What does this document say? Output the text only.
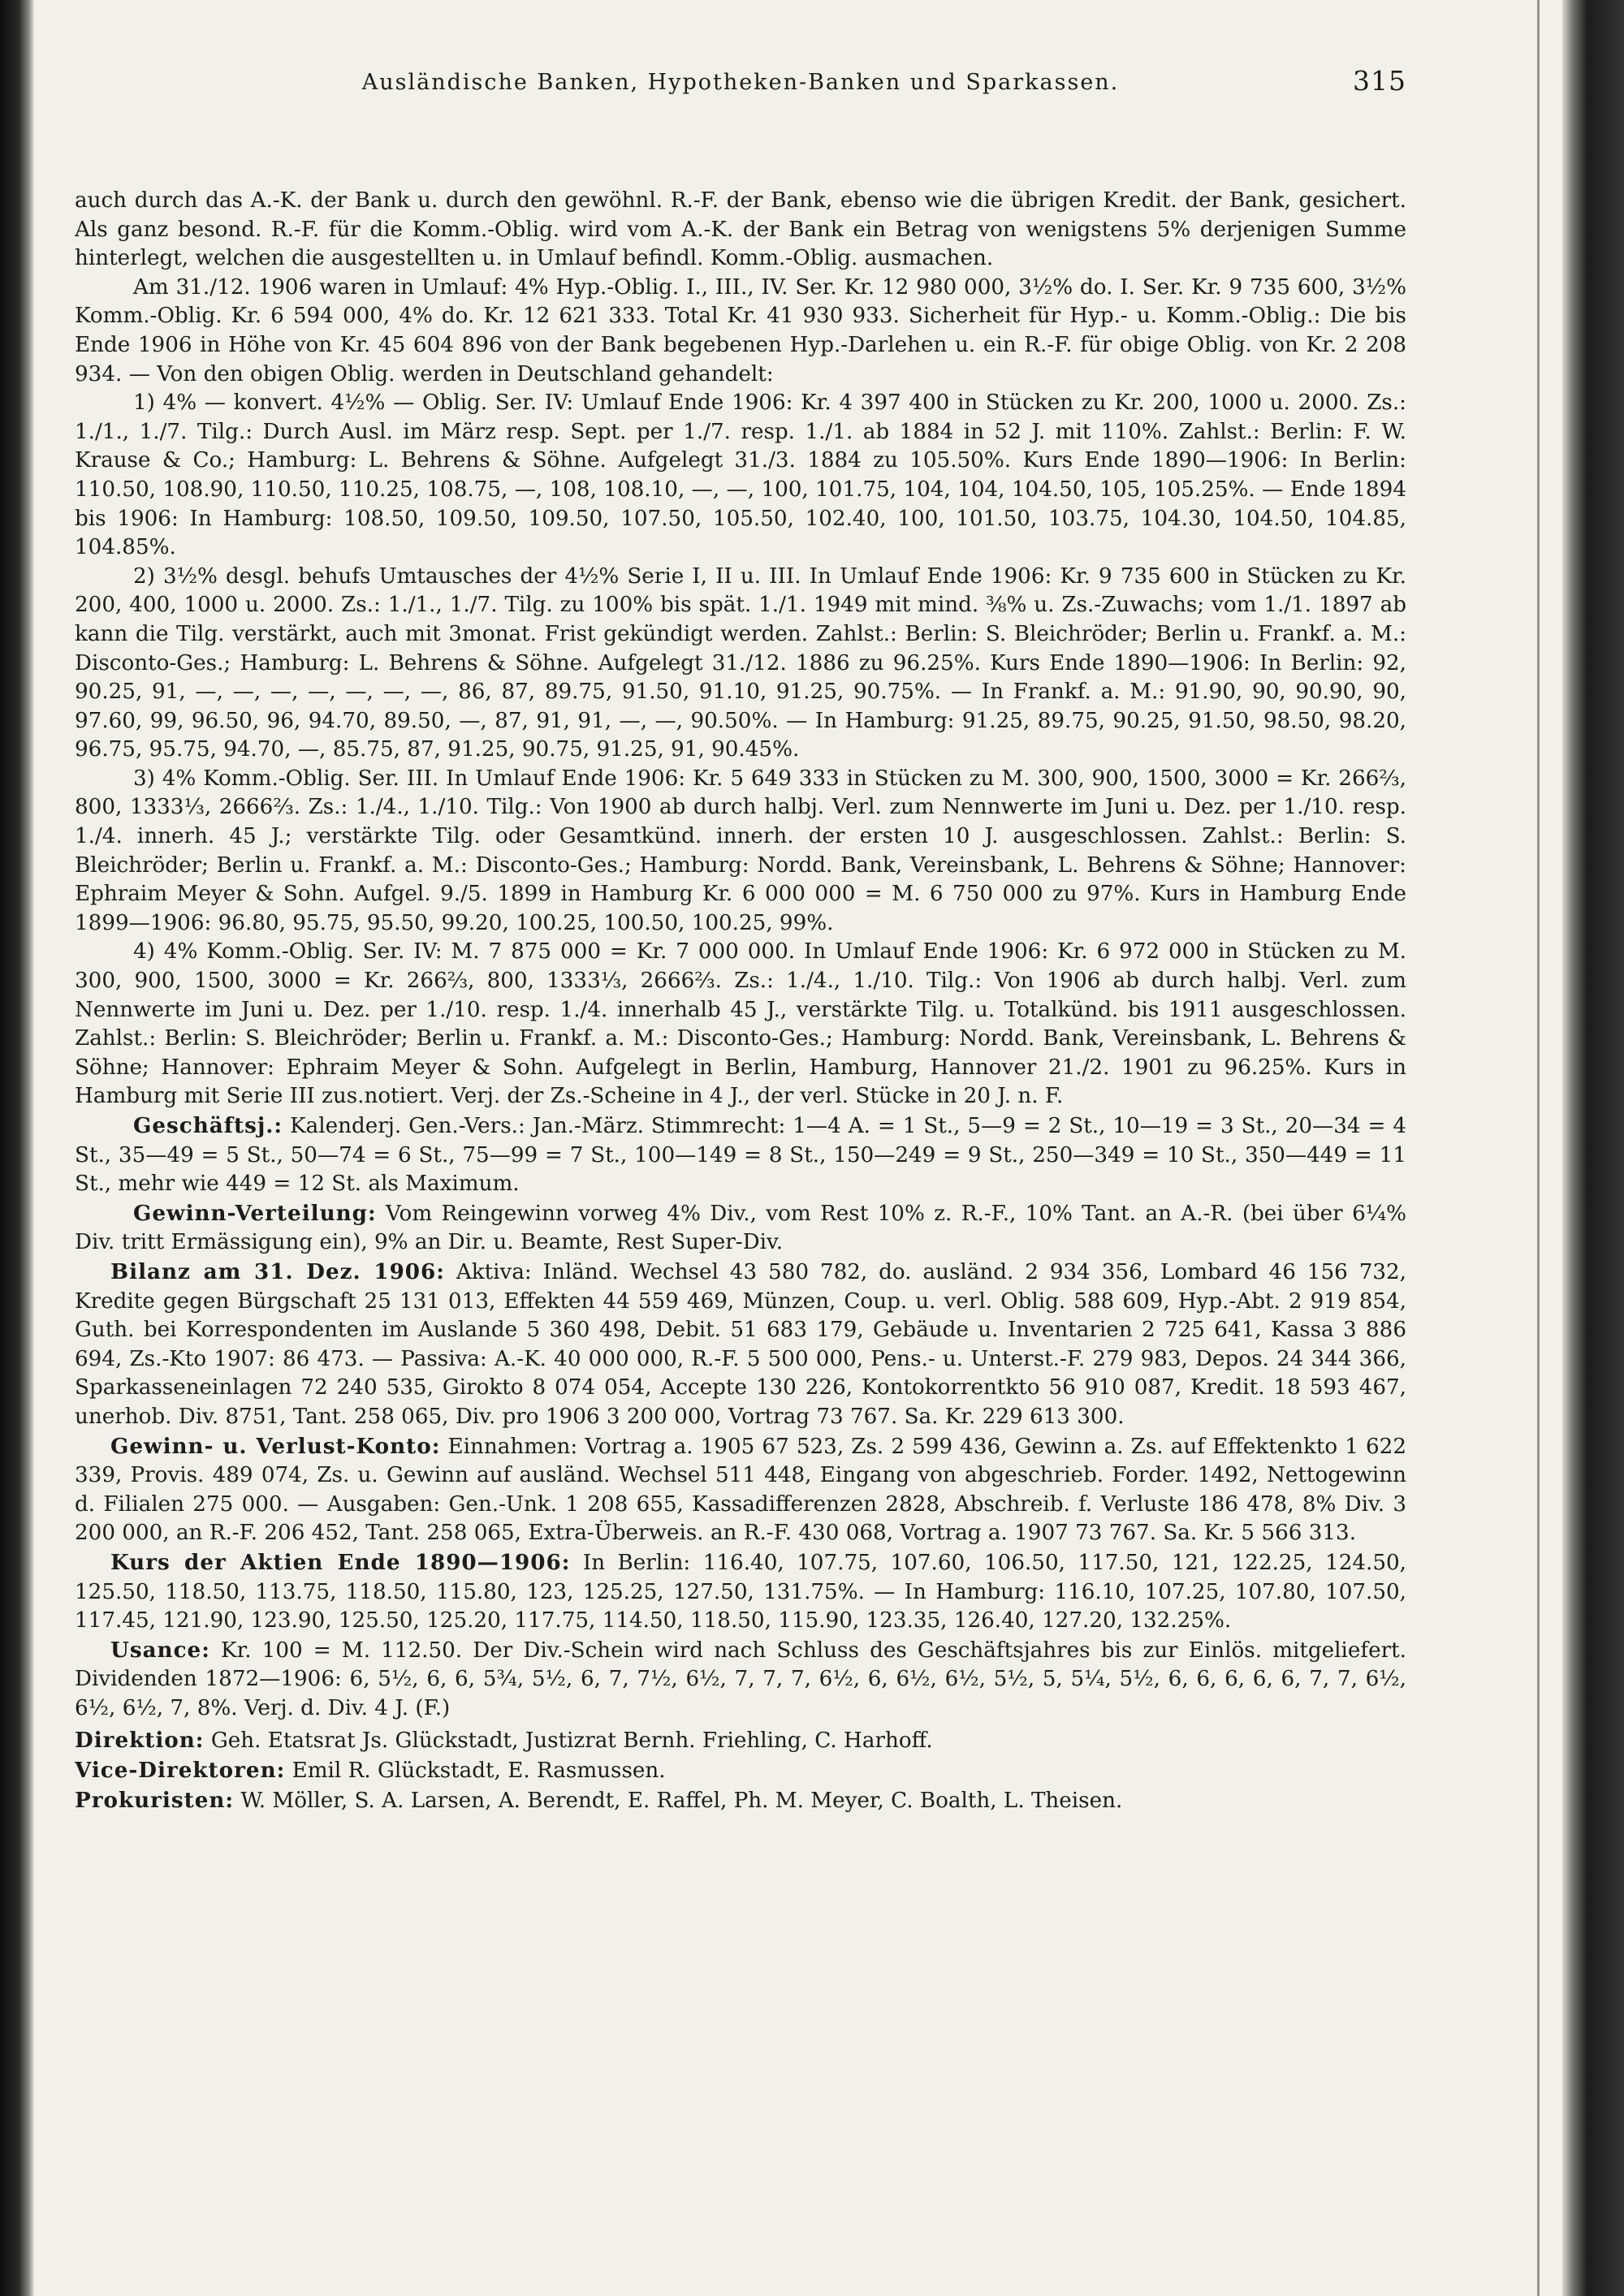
Ausländische Banken, Hypotheken-Banken und Sparkassen.	315

auch durch das A.-K. der Bank u. durch den gewöhnl. R.-F. der Bank, ebenso wie die übrigen Kredit. der Bank, gesichert. Als ganz besond. R.-F. für die Komm.-Oblig. wird vom A.-K. der Bank ein Betrag von wenigstens 5% derjenigen Summe hinterlegt, welchen die ausgestellten u. in Umlauf befindl. Komm.-Oblig. ausmachen.

Am 31./12. 1906 waren in Umlauf: 4% Hyp.-Oblig. I., III., IV. Ser. Kr. 12 980 000, 3½% do. I. Ser. Kr. 9 735 600, 3½% Komm.-Oblig. Kr. 6 594 000, 4% do. Kr. 12 621 333. Total Kr. 41 930 933. Sicherheit für Hyp.- u. Komm.-Oblig.: Die bis Ende 1906 in Höhe von Kr. 45 604 896 von der Bank begebenen Hyp.-Darlehen u. ein R.-F. für obige Oblig. von Kr. 2 208 934. — Von den obigen Oblig. werden in Deutschland gehandelt:

1) 4% — konvert. 4½% — Oblig. Ser. IV: Umlauf Ende 1906: Kr. 4 397 400 in Stücken zu Kr. 200, 1000 u. 2000. Zs.: 1./1., 1./7. Tilg.: Durch Ausl. im März resp. Sept. per 1./7. resp. 1./1. ab 1884 in 52 J. mit 110%. Zahlst.: Berlin: F. W. Krause & Co.; Hamburg: L. Behrens & Söhne. Aufgelegt 31./3. 1884 zu 105.50%. Kurs Ende 1890—1906: In Berlin: 110.50, 108.90, 110.50, 110.25, 108.75, —, 108, 108.10, —, —, 100, 101.75, 104, 104, 104.50, 105, 105.25%. — Ende 1894 bis 1906: In Hamburg: 108.50, 109.50, 109.50, 107.50, 105.50, 102.40, 100, 101.50, 103.75, 104.30, 104.50, 104.85, 104.85%.

2) 3½% desgl. behufs Umtausches der 4½% Serie I, II u. III. In Umlauf Ende 1906: Kr. 9 735 600 in Stücken zu Kr. 200, 400, 1000 u. 2000. Zs.: 1./1., 1./7. Tilg. zu 100% bis spät. 1./1. 1949 mit mind. ⅜% u. Zs.-Zuwachs; vom 1./1. 1897 ab kann die Tilg. verstärkt, auch mit 3monat. Frist gekündigt werden. Zahlst.: Berlin: S. Bleichröder; Berlin u. Frankf. a. M.: Disconto-Ges.; Hamburg: L. Behrens & Söhne. Aufgelegt 31./12. 1886 zu 96.25%. Kurs Ende 1890—1906: In Berlin: 92, 90.25, 91, —, —, —, —, —, —, —, 86, 87, 89.75, 91.50, 91.10, 91.25, 90.75%. — In Frankf. a. M.: 91.90, 90, 90.90, 90, 97.60, 99, 96.50, 96, 94.70, 89.50, —, 87, 91, 91, —, —, 90.50%. — In Hamburg: 91.25, 89.75, 90.25, 91.50, 98.50, 98.20, 96.75, 95.75, 94.70, —, 85.75, 87, 91.25, 90.75, 91.25, 91, 90.45%.

3) 4% Komm.-Oblig. Ser. III. In Umlauf Ende 1906: Kr. 5 649 333 in Stücken zu M. 300, 900, 1500, 3000 = Kr. 266⅔, 800, 1333⅓, 2666⅔. Zs.: 1./4., 1./10. Tilg.: Von 1900 ab durch halbj. Verl. zum Nennwerte im Juni u. Dez. per 1./10. resp. 1./4. innerh. 45 J.; verstärkte Tilg. oder Gesamtkünd. innerh. der ersten 10 J. ausgeschlossen. Zahlst.: Berlin: S. Bleichröder; Berlin u. Frankf. a. M.: Disconto-Ges.; Hamburg: Nordd. Bank, Vereinsbank, L. Behrens & Söhne; Hannover: Ephraim Meyer & Sohn. Aufgel. 9./5. 1899 in Hamburg Kr. 6 000 000 = M. 6 750 000 zu 97%. Kurs in Hamburg Ende 1899—1906: 96.80, 95.75, 95.50, 99.20, 100.25, 100.50, 100.25, 99%.

4) 4% Komm.-Oblig. Ser. IV: M. 7 875 000 = Kr. 7 000 000. In Umlauf Ende 1906: Kr. 6 972 000 in Stücken zu M. 300, 900, 1500, 3000 = Kr. 266⅔, 800, 1333⅓, 2666⅔. Zs.: 1./4., 1./10. Tilg.: Von 1906 ab durch halbj. Verl. zum Nennwerte im Juni u. Dez. per 1./10. resp. 1./4. innerhalb 45 J., verstärkte Tilg. u. Totalkünd. bis 1911 ausgeschlossen. Zahlst.: Berlin: S. Bleichröder; Berlin u. Frankf. a. M.: Disconto-Ges.; Hamburg: Nordd. Bank, Vereinsbank, L. Behrens & Söhne; Hannover: Ephraim Meyer & Sohn. Aufgelegt in Berlin, Hamburg, Hannover 21./2. 1901 zu 96.25%. Kurs in Hamburg mit Serie III zus.notiert. Verj. der Zs.-Scheine in 4 J., der verl. Stücke in 20 J. n. F.

Geschäftsj.: Kalenderj. Gen.-Vers.: Jan.-März. Stimmrecht: 1—4 A. = 1 St., 5—9 = 2 St., 10—19 = 3 St., 20—34 = 4 St., 35—49 = 5 St., 50—74 = 6 St., 75—99 = 7 St., 100—149 = 8 St., 150—249 = 9 St., 250—349 = 10 St., 350—449 = 11 St., mehr wie 449 = 12 St. als Maximum.

Gewinn-Verteilung: Vom Reingewinn vorweg 4% Div., vom Rest 10% z. R.-F., 10% Tant. an A.-R. (bei über 6¼% Div. tritt Ermässigung ein), 9% an Dir. u. Beamte, Rest Super-Div.

Bilanz am 31. Dez. 1906: Aktiva: Inländ. Wechsel 43 580 782, do. ausländ. 2 934 356, Lombard 46 156 732, Kredite gegen Bürgschaft 25 131 013, Effekten 44 559 469, Münzen, Coup. u. verl. Oblig. 588 609, Hyp.-Abt. 2 919 854, Guth. bei Korrespondenten im Auslande 5 360 498, Debit. 51 683 179, Gebäude u. Inventarien 2 725 641, Kassa 3 886 694, Zs.-Kto 1907: 86 473. — Passiva: A.-K. 40 000 000, R.-F. 5 500 000, Pens.- u. Unterst.-F. 279 983, Depos. 24 344 366, Sparkasseneinlagen 72 240 535, Girokto 8 074 054, Accepte 130 226, Kontokorrentkto 56 910 087, Kredit. 18 593 467, unerhob. Div. 8751, Tant. 258 065, Div. pro 1906 3 200 000, Vortrag 73 767. Sa. Kr. 229 613 300.

Gewinn- u. Verlust-Konto: Einnahmen: Vortrag a. 1905 67 523, Zs. 2 599 436, Gewinn a. Zs. auf Effektenkto 1 622 339, Provis. 489 074, Zs. u. Gewinn auf ausländ. Wechsel 511 448, Eingang von abgeschrieb. Forder. 1492, Nettogewinn d. Filialen 275 000. — Ausgaben: Gen.-Unk. 1 208 655, Kassadifferenzen 2828, Abschreib. f. Verluste 186 478, 8% Div. 3 200 000, an R.-F. 206 452, Tant. 258 065, Extra-Überweis. an R.-F. 430 068, Vortrag a. 1907 73 767. Sa. Kr. 5 566 313.

Kurs der Aktien Ende 1890—1906: In Berlin: 116.40, 107.75, 107.60, 106.50, 117.50, 121, 122.25, 124.50, 125.50, 118.50, 113.75, 118.50, 115.80, 123, 125.25, 127.50, 131.75%. — In Hamburg: 116.10, 107.25, 107.80, 107.50, 117.45, 121.90, 123.90, 125.50, 125.20, 117.75, 114.50, 118.50, 115.90, 123.35, 126.40, 127.20, 132.25%.

Usance: Kr. 100 = M. 112.50. Der Div.-Schein wird nach Schluss des Geschäftsjahres bis zur Einlös. mitgeliefert. Dividenden 1872—1906: 6, 5½, 6, 6, 5¾, 5½, 6, 7, 7½, 6½, 7, 7, 7, 6½, 6, 6½, 6½, 5½, 5, 5¼, 5½, 6, 6, 6, 6, 6, 7, 7, 6½, 6½, 6½, 7, 8%. Verj. d. Div. 4 J. (F.)

Direktion: Geh. Etatsrat Js. Glückstadt, Justizrat Bernh. Friehling, C. Harhoff.

Vice-Direktoren: Emil R. Glückstadt, E. Rasmussen.

Prokuristen: W. Möller, S. A. Larsen, A. Berendt, E. Raffel, Ph. M. Meyer, C. Boalth, L. Theisen.
